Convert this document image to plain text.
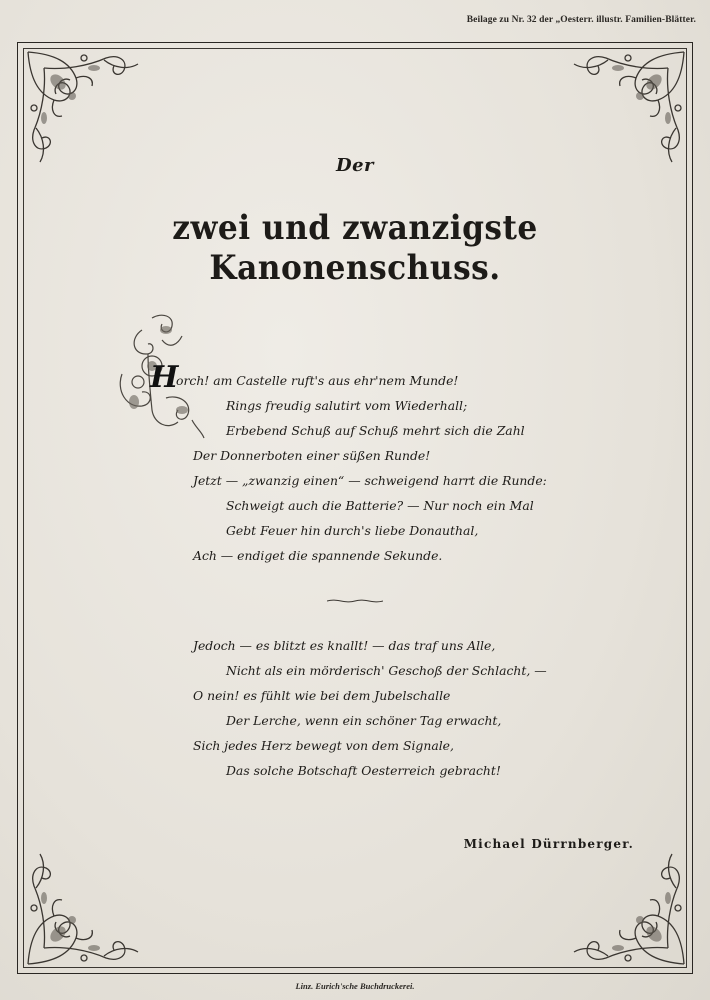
Beilage zu Nr. 32 der „Oesterr. illustr. Familien-Blätter.
Der
zwei und zwanzigste Kanonenschuss.
H
orch! am Castelle ruft's aus ehr'nem Munde!
Rings freudig salutirt vom Wiederhall;
Erbebend Schuß auf Schuß mehrt sich die Zahl
Der Donnerboten einer süßen Runde!
Jetzt — „zwanzig einen“ — schweigend harrt die Runde:
Schweigt auch die Batterie? — Nur noch ein Mal
Gebt Feuer hin durch's liebe Donauthal,
Ach — endiget die spannende Sekunde.
Jedoch — es blitzt es knallt! — das traf uns Alle,
Nicht als ein mörderisch' Geschoß der Schlacht, —
O nein! es fühlt wie bei dem Jubelschalle
Der Lerche, wenn ein schöner Tag erwacht,
Sich jedes Herz bewegt von dem Signale,
Das solche Botschaft Oesterreich gebracht!
Michael Dürrnberger.
Linz. Eurich'sche Buchdruckerei.
